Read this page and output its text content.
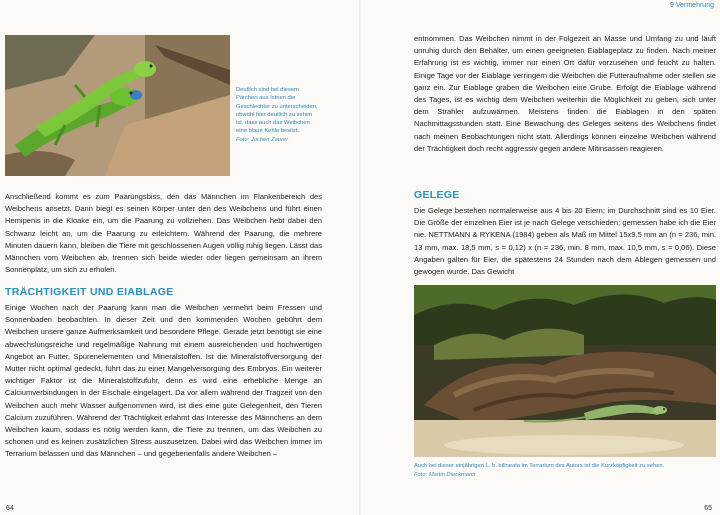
9 Vermehrung
Deutlich sind bei diesem Pärchen aus Istrien die Geschlechter zu unterscheiden, obwohl hier deutlich zu sehen ist, dass auch das Weibchen eine blaue Kehle besitzt.
Foto: Jochen Zaurer

Anschließend kommt es zum Paarungsbiss, den das Männchen im Flankenbereich des Weibchens ansetzt. Dann biegt es seinen Körper unter den des Weibchens und führt einen Hemipenis in die Kloake ein, um die Paarung zu vollziehen. Das Weibchen hebt dabei den Schwanz leicht an, um die Paarung zu erleichtern. Während der Paarung, die mehrere Minuten dauern kann, bleiben die Tiere mit geschlossenen Augen völlig ruhig liegen. Lässt das Männchen vom Weibchen ab, trennen sich beide wieder oder liegen gemeinsam an ihrem Sonnenplatz, um sich zu erholen.

TRÄCHTIGKEIT UND EIABLAGE

Einige Wochen nach der Paarung kann man die Weibchen vermehrt beim Fressen und Sonnenbaden beobachten. In dieser Zeit und den kommenden Wochen gebührt dem Weibchen unsere ganze Aufmerksamkeit und besondere Pflege. Gerade jetzt benötigt sie eine abwechslungsreiche und regelmäßige Nahrung mit einem ausreichenden und hochwertigen Angebot an Futter, Spurenelementen und Mineralstoffen. Ist die Mineralstoffversorgung der Mutter nicht optimal gedeckt, führt das zu einer Mangelversorgung des Embryos. Ein weiterer wichtiger Faktor ist die Mineralstoffzufuhr, denn es wird eine erhebliche Menge an Calciumverbindungen in der Eischale eingelagert. Da vor allem während der Tragzeit von den Weibchen auch mehr Wasser aufgenommen wird, ist dies eine gute Gelegenheit, den Tieren Calcium zuzuführen. Während der Trächtigkeit erlahmt das Interesse des Männchens an dem Weibchen kaum, sodass es nötig werden kann, die Tiere zu trennen, um das Weibchen zu schonen und es keinen zusätzlichen Stress auszusetzen. Dabei wird das Weibchen immer im Terrarium belassen und das Männchen – und gegebenenfalls andere Weibchen –

64

entnommen. Das Weibchen nimmt in der Folgezeit an Masse und Umfang zu und läuft unruhig durch den Behälter, um einen geeigneten Eiablageplatz zu finden. Nach meiner Erfahrung ist es wichtig, immer nur einen Ort dafür vorzusehen und feucht zu halten. Einige Tage vor der Eiablage verringern die Weibchen die Futteraufnahme oder stellen sie ganz ein. Zur Eiablage graben die Weibchen eine Grube. Erfolgt die Eiablage während des Tages, ist es wichtig dem Weibchen weiterhin die Möglichkeit zu geben, sich unter dem Strahler aufzuwärmen. Meistens finden die Eiablagen in den späten Nachmittagsstunden statt. Eine Bewachung des Geleges seitens des Weibchens findet nach meinen Beobachtungen nicht statt. Allerdings können einzelne Weibchen während der Trächtigkeit doch recht aggressiv gegen andere Mitinsassen reagieren.

GELEGE

Die Gelege bestehen normalerweise aus 4 bis 20 Eiern; im Durchschnitt sind es 10 Eier. Die Größe der einzelnen Eier ist je nach Gelege verschieden; gemessen habe ich die Eier nie. NETTMANN & RYKENA (1984) geben als Maß im Mittel 15x9,5 mm an (n = 236, min. 13 mm, max. 18,5 mm, s = 0,12) x (n = 236, min. 8 mm, max. 10,5 mm, s = 0,06). Diese Angaben galten für Eier, die spätestens 24 Stunden nach dem Ablegen gemessen und gewogen wurde. Das Gewicht

Auch bei dieser einjährigen L. b. bilineata im Terrarium des Autors ist die Kurzköpfigkeit zu sehen.
Foto: Martin Dieckmann
65
